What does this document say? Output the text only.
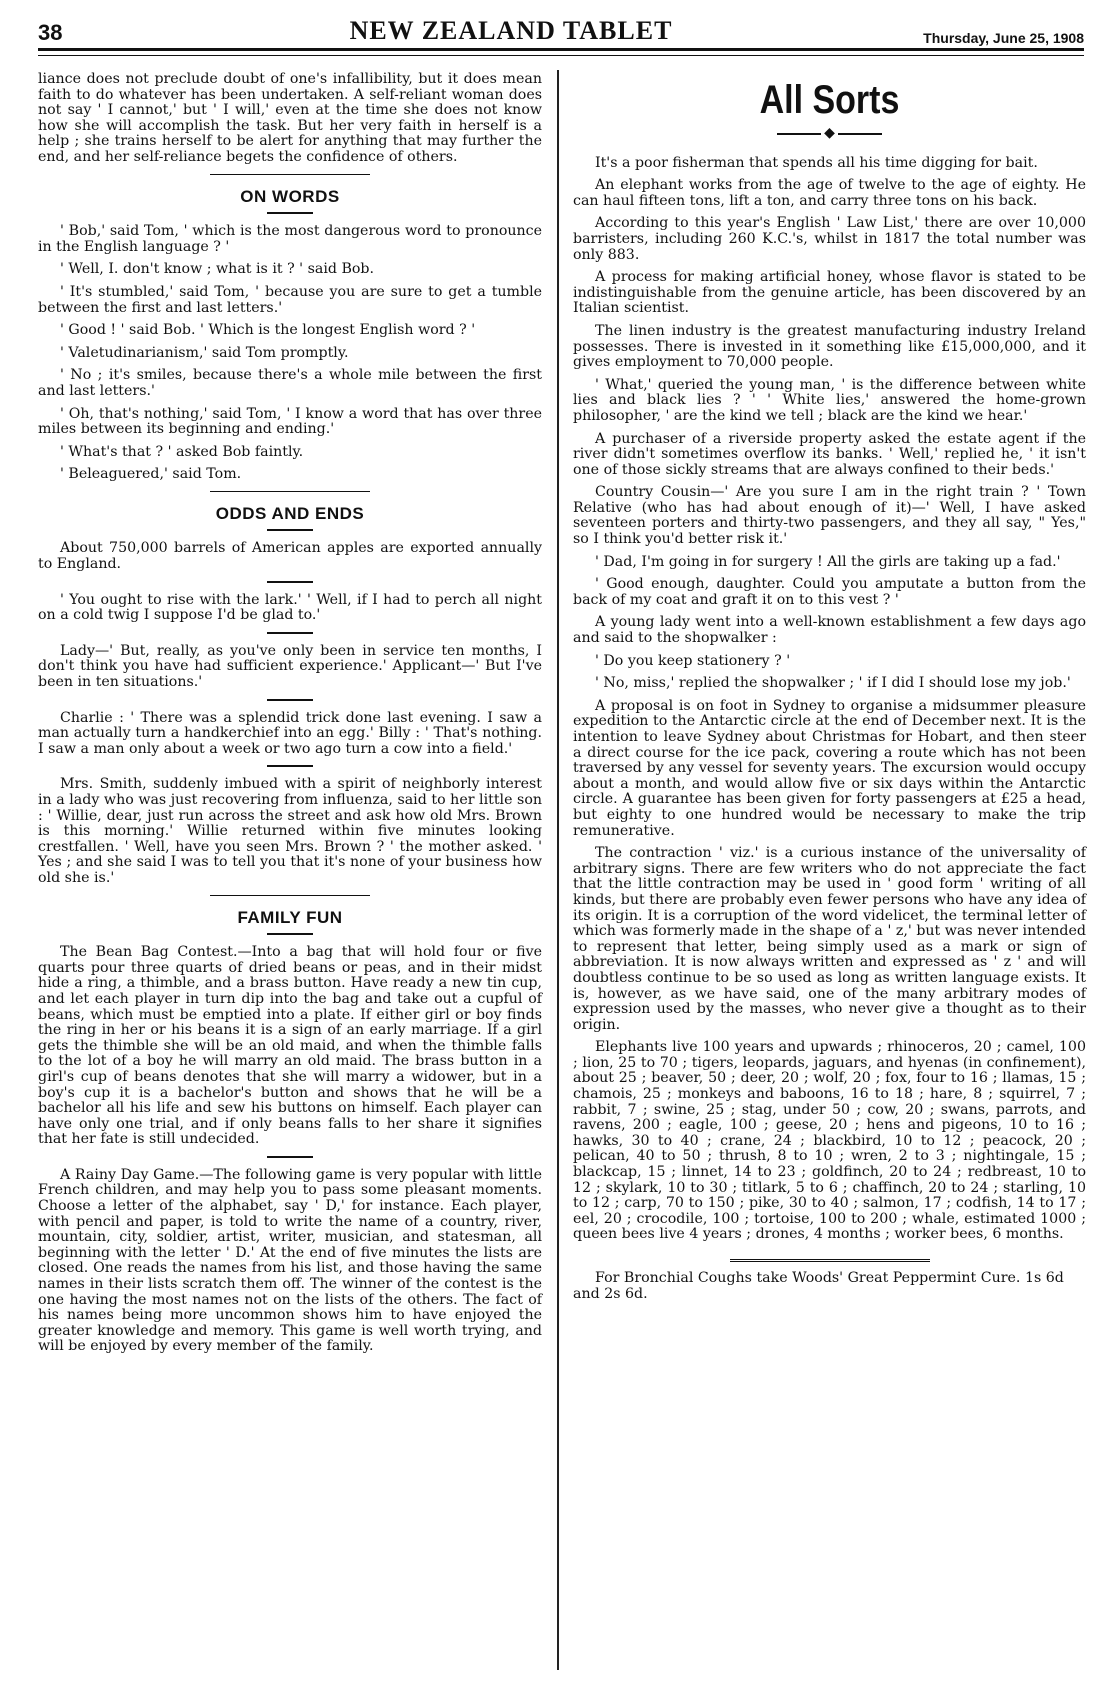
38	NEW ZEALAND TABLET	Thursday, June 25, 1908

liance does not preclude doubt of one's infallibility, but it does mean faith to do whatever has been undertaken. A self-reliant woman does not say ' I cannot,' but ' I will,' even at the time she does not know how she will accomplish the task. But her very faith in herself is a help ; she trains herself to be alert for anything that may further the end, and her self-reliance begets the confidence of others.

ON WORDS

' Bob,' said Tom, ' which is the most dangerous word to pronounce in the English language ? '

' Well, I. don't know ; what is it ? ' said Bob.

' It's stumbled,' said Tom, ' because you are sure to get a tumble between the first and last letters.'

' Good ! ' said Bob. ' Which is the longest English word ? '

' Valetudinarianism,' said Tom promptly.

' No ; it's smiles, because there's a whole mile between the first and last letters.'

' Oh, that's nothing,' said Tom, ' I know a word that has over three miles between its beginning and ending.'

' What's that ? ' asked Bob faintly.

' Beleaguered,' said Tom.

ODDS AND ENDS

About 750,000 barrels of American apples are exported annually to England.

' You ought to rise with the lark.' ' Well, if I had to perch all night on a cold twig I suppose I'd be glad to.'

Lady—' But, really, as you've only been in service ten months, I don't think you have had sufficient experience.' Applicant—' But I've been in ten situations.'

Charlie : ' There was a splendid trick done last evening. I saw a man actually turn a handkerchief into an egg.' Billy : ' That's nothing. I saw a man only about a week or two ago turn a cow into a field.'

Mrs. Smith, suddenly imbued with a spirit of neighborly interest in a lady who was just recovering from influenza, said to her little son : ' Willie, dear, just run across the street and ask how old Mrs. Brown is this morning.' Willie returned within five minutes looking crestfallen. ' Well, have you seen Mrs. Brown ? ' the mother asked. ' Yes ; and she said I was to tell you that it's none of your business how old she is.'

FAMILY FUN

The Bean Bag Contest.—Into a bag that will hold four or five quarts pour three quarts of dried beans or peas, and in their midst hide a ring, a thimble, and a brass button. Have ready a new tin cup, and let each player in turn dip into the bag and take out a cupful of beans, which must be emptied into a plate. If either girl or boy finds the ring in her or his beans it is a sign of an early marriage. If a girl gets the thimble she will be an old maid, and when the thimble falls to the lot of a boy he will marry an old maid. The brass button in a girl's cup of beans denotes that she will marry a widower, but in a boy's cup it is a bachelor's button and shows that he will be a bachelor all his life and sew his buttons on himself. Each player can have only one trial, and if only beans falls to her share it signifies that her fate is still undecided.

A Rainy Day Game.—The following game is very popular with little French children, and may help you to pass some pleasant moments. Choose a letter of the alphabet, say ' D,' for instance. Each player, with pencil and paper, is told to write the name of a country, river, mountain, city, soldier, artist, writer, musician, and statesman, all beginning with the letter ' D.' At the end of five minutes the lists are closed. One reads the names from his list, and those having the same names in their lists scratch them off. The winner of the contest is the one having the most names not on the lists of the others. The fact of his names being more uncommon shows him to have enjoyed the greater knowledge and memory. This game is well worth trying, and will be enjoyed by every member of the family.

All Sorts
◆

It's a poor fisherman that spends all his time digging for bait.

An elephant works from the age of twelve to the age of eighty. He can haul fifteen tons, lift a ton, and carry three tons on his back.

According to this year's English ' Law List,' there are over 10,000 barristers, including 260 K.C.'s, whilst in 1817 the total number was only 883.

A process for making artificial honey, whose flavor is stated to be indistinguishable from the genuine article, has been discovered by an Italian scientist.

The linen industry is the greatest manufacturing industry Ireland possesses. There is invested in it something like £15,000,000, and it gives employment to 70,000 people.

' What,' queried the young man, ' is the difference between white lies and black lies ? ' ' White lies,' answered the home-grown philosopher, ' are the kind we tell ; black are the kind we hear.'

A purchaser of a riverside property asked the estate agent if the river didn't sometimes overflow its banks. ' Well,' replied he, ' it isn't one of those sickly streams that are always confined to their beds.'

Country Cousin—' Are you sure I am in the right train ? ' Town Relative (who has had about enough of it)—' Well, I have asked seventeen porters and thirty-two passengers, and they all say, " Yes," so I think you'd better risk it.'

' Dad, I'm going in for surgery ! All the girls are taking up a fad.'

' Good enough, daughter. Could you amputate a button from the back of my coat and graft it on to this vest ? '

A young lady went into a well-known establishment a few days ago and said to the shopwalker :

' Do you keep stationery ? '

' No, miss,' replied the shopwalker ; ' if I did I should lose my job.'

A proposal is on foot in Sydney to organise a midsummer pleasure expedition to the Antarctic circle at the end of December next. It is the intention to leave Sydney about Christmas for Hobart, and then steer a direct course for the ice pack, covering a route which has not been traversed by any vessel for seventy years. The excursion would occupy about a month, and would allow five or six days within the Antarctic circle. A guarantee has been given for forty passengers at £25 a head, but eighty to one hundred would be necessary to make the trip remunerative.

The contraction ' viz.' is a curious instance of the universality of arbitrary signs. There are few writers who do not appreciate the fact that the little contraction may be used in ' good form ' writing of all kinds, but there are probably even fewer persons who have any idea of its origin. It is a corruption of the word videlicet, the terminal letter of which was formerly made in the shape of a ' z,' but was never intended to represent that letter, being simply used as a mark or sign of abbreviation. It is now always written and expressed as ' z ' and will doubtless continue to be so used as long as written language exists. It is, however, as we have said, one of the many arbitrary modes of expression used by the masses, who never give a thought as to their origin.

Elephants live 100 years and upwards ; rhinoceros, 20 ; camel, 100 ; lion, 25 to 70 ; tigers, leopards, jaguars, and hyenas (in confinement), about 25 ; beaver, 50 ; deer, 20 ; wolf, 20 ; fox, four to 16 ; llamas, 15 ; chamois, 25 ; monkeys and baboons, 16 to 18 ; hare, 8 ; squirrel, 7 ; rabbit, 7 ; swine, 25 ; stag, under 50 ; cow, 20 ; swans, parrots, and ravens, 200 ; eagle, 100 ; geese, 20 ; hens and pigeons, 10 to 16 ; hawks, 30 to 40 ; crane, 24 ; blackbird, 10 to 12 ; peacock, 20 ; pelican, 40 to 50 ; thrush, 8 to 10 ; wren, 2 to 3 ; nightingale, 15 ; blackcap, 15 ; linnet, 14 to 23 ; goldfinch, 20 to 24 ; redbreast, 10 to 12 ; skylark, 10 to 30 ; titlark, 5 to 6 ; chaffinch, 20 to 24 ; starling, 10 to 12 ; carp, 70 to 150 ; pike, 30 to 40 ; salmon, 17 ; codfish, 14 to 17 ; eel, 20 ; crocodile, 100 ; tortoise, 100 to 200 ; whale, estimated 1000 ; queen bees live 4 years ; drones, 4 months ; worker bees, 6 months.

For Bronchial Coughs take Woods' Great Peppermint Cure. 1s 6d and 2s 6d.
